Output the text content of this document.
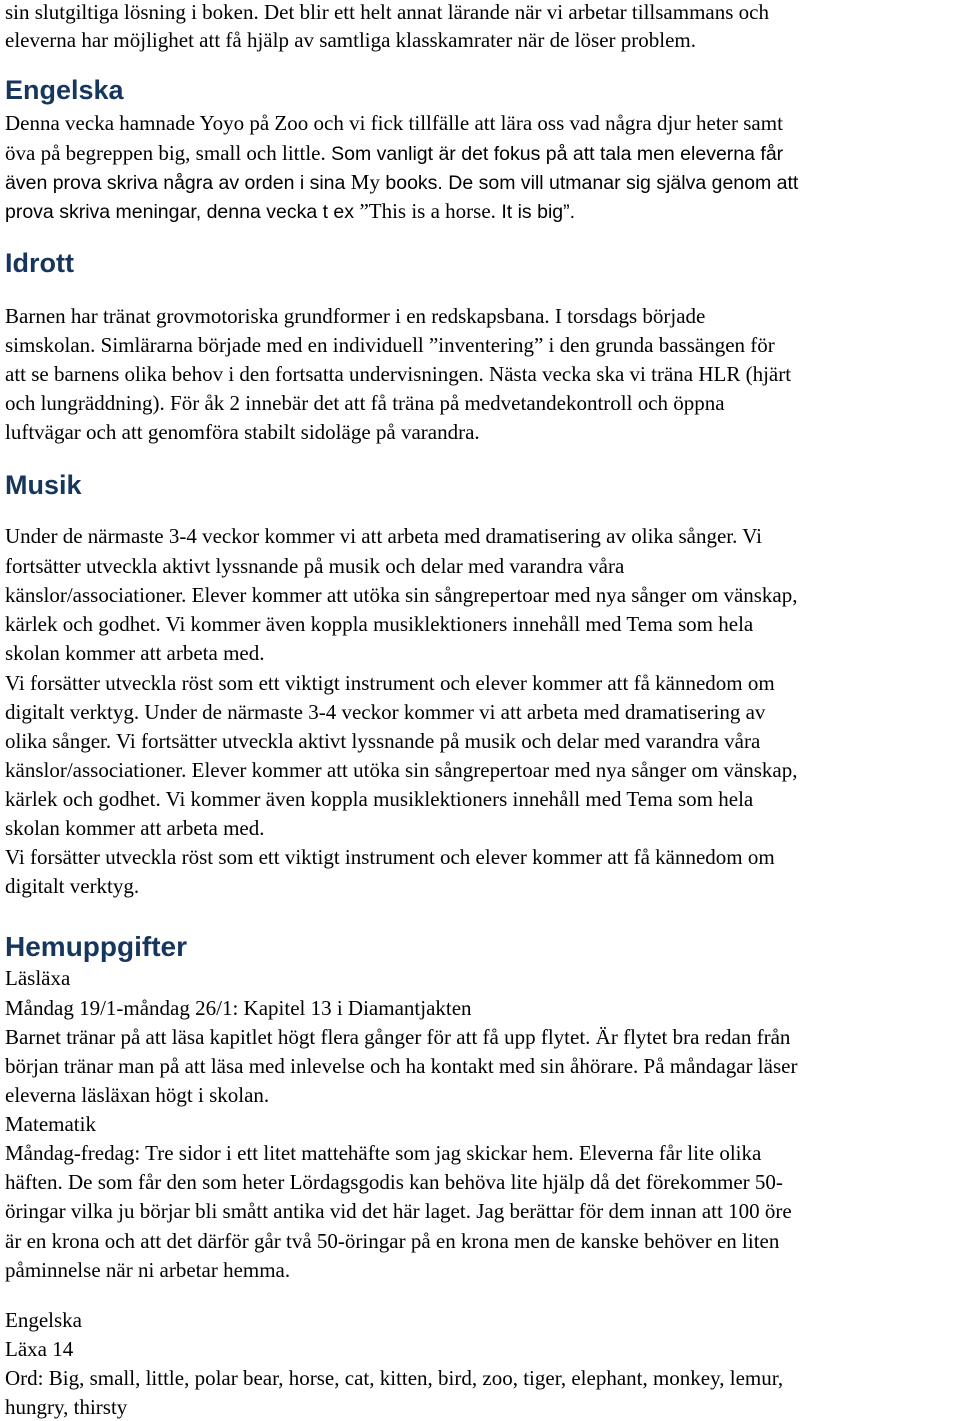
sin slutgiltiga lösning i boken. Det blir ett helt annat lärande när vi arbetar tillsammans och
eleverna har möjlighet att få hjälp av samtliga klasskamrater när de löser problem.
Engelska
Denna vecka hamnade Yoyo på Zoo och vi fick tillfälle att lära oss vad några djur heter samt
öva på begreppen big, small och little. Som vanligt är det fokus på att tala men eleverna får
även prova skriva några av orden i sina My books. De som vill utmanar sig själva genom att
prova skriva meningar, denna vecka t ex ”This is a horse. It is big”.
Idrott
Barnen har tränat grovmotoriska grundformer i en redskapsbana. I torsdags började
simskolan. Simlärarna började med en individuell ”inventering” i den grunda bassängen för
att se barnens olika behov i den fortsatta undervisningen. Nästa vecka ska vi träna HLR (hjärt
och lungräddning). För åk 2 innebär det att få träna på medvetandekontroll och öppna
luftvägar och att genomföra stabilt sidoläge på varandra.
Musik
Under de närmaste 3-4 veckor kommer vi att arbeta med dramatisering av olika sånger. Vi
fortsätter utveckla aktivt lyssnande på musik och delar med varandra våra
känslor/associationer. Elever kommer att utöka sin sångrepertoar med nya sånger om vänskap,
kärlek och godhet. Vi kommer även koppla musiklektioners innehåll med Tema som hela
skolan kommer att arbeta med.
Vi forsätter utveckla röst som ett viktigt instrument och elever kommer att få kännedom om
digitalt verktyg. Under de närmaste 3-4 veckor kommer vi att arbeta med dramatisering av
olika sånger. Vi fortsätter utveckla aktivt lyssnande på musik och delar med varandra våra
känslor/associationer. Elever kommer att utöka sin sångrepertoar med nya sånger om vänskap,
kärlek och godhet. Vi kommer även koppla musiklektioners innehåll med Tema som hela
skolan kommer att arbeta med.
Vi forsätter utveckla röst som ett viktigt instrument och elever kommer att få kännedom om
digitalt verktyg.
Hemuppgifter
Läsläxa
Måndag 19/1-måndag 26/1: Kapitel 13 i Diamantjakten
Barnet tränar på att läsa kapitlet högt flera gånger för att få upp flytet. Är flytet bra redan från
början tränar man på att läsa med inlevelse och ha kontakt med sin åhörare. På måndagar läser
eleverna läsläxan högt i skolan.
Matematik
Måndag-fredag: Tre sidor i ett litet mattehäfte som jag skickar hem. Eleverna får lite olika
häften. De som får den som heter Lördagsgodis kan behöva lite hjälp då det förekommer 50-
öringar vilka ju börjar bli smått antika vid det här laget. Jag berättar för dem innan att 100 öre
är en krona och att det därför går två 50-öringar på en krona men de kanske behöver en liten
påminnelse när ni arbetar hemma.
Engelska
Läxa 14
Ord: Big, small, little, polar bear, horse, cat, kitten, bird, zoo, tiger, elephant, monkey, lemur,
hungry, thirsty
